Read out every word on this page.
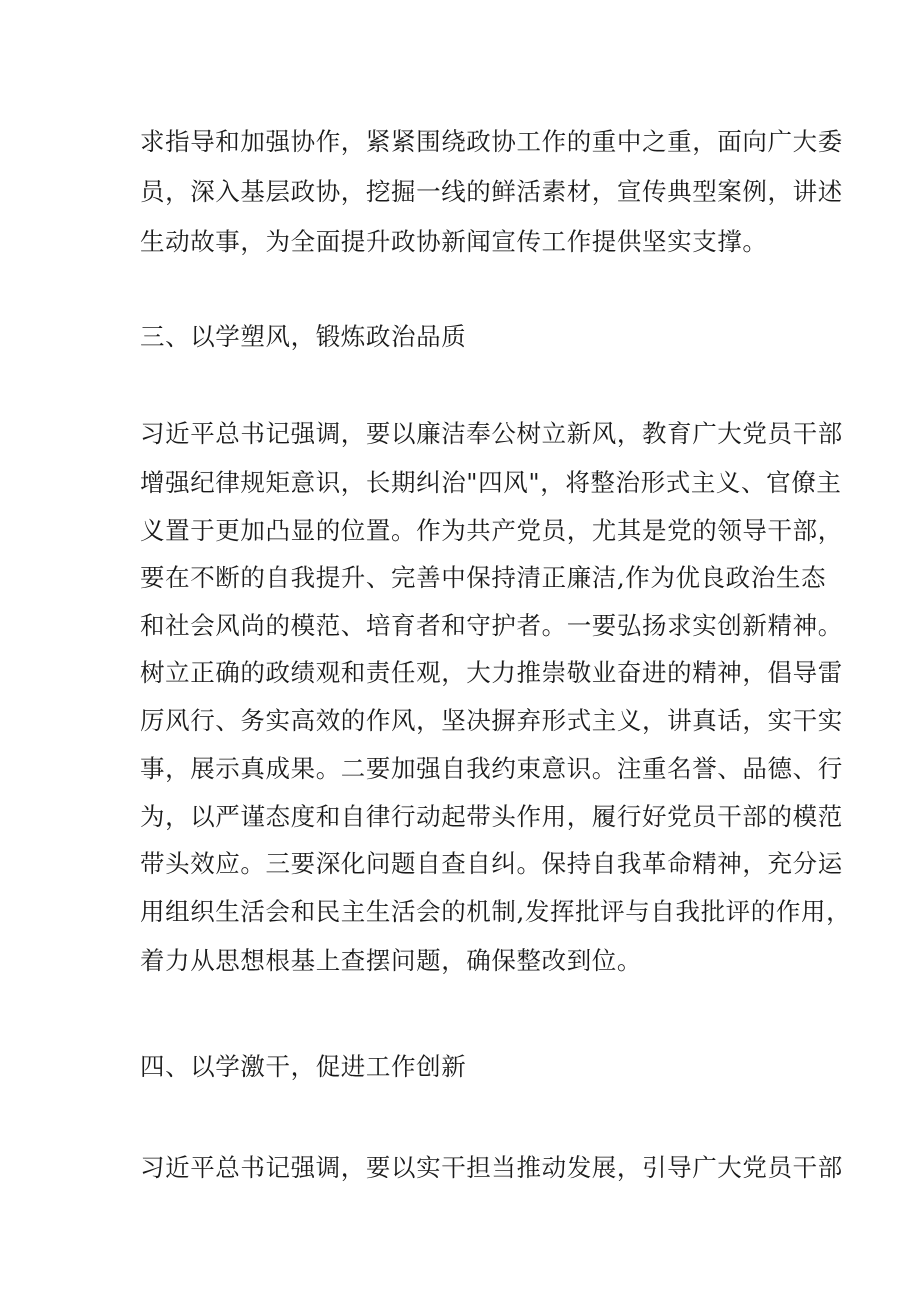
求指导和加强协作，紧紧围绕政协工作的重中之重，面向广大委
员，深入基层政协，挖掘一线的鲜活素材，宣传典型案例，讲述
生动故事，为全面提升政协新闻宣传工作提供坚实支撑。
三、以学塑风，锻炼政治品质
习近平总书记强调，要以廉洁奉公树立新风，教育广大党员干部
增强纪律规矩意识，长期纠治"四风"，将整治形式主义、官僚主
义置于更加凸显的位置。作为共产党员，尤其是党的领导干部，
要在不断的自我提升、完善中保持清正廉洁,作为优良政治生态
和社会风尚的模范、培育者和守护者。一要弘扬求实创新精神。
树立正确的政绩观和责任观，大力推崇敬业奋进的精神，倡导雷
厉风行、务实高效的作风，坚决摒弃形式主义，讲真话，实干实
事，展示真成果。二要加强自我约束意识。注重名誉、品德、行
为，以严谨态度和自律行动起带头作用，履行好党员干部的模范
带头效应。三要深化问题自查自纠。保持自我革命精神，充分运
用组织生活会和民主生活会的机制,发挥批评与自我批评的作用，
着力从思想根基上查摆问题，确保整改到位。
四、以学激干，促进工作创新
习近平总书记强调，要以实干担当推动发展，引导广大党员干部
